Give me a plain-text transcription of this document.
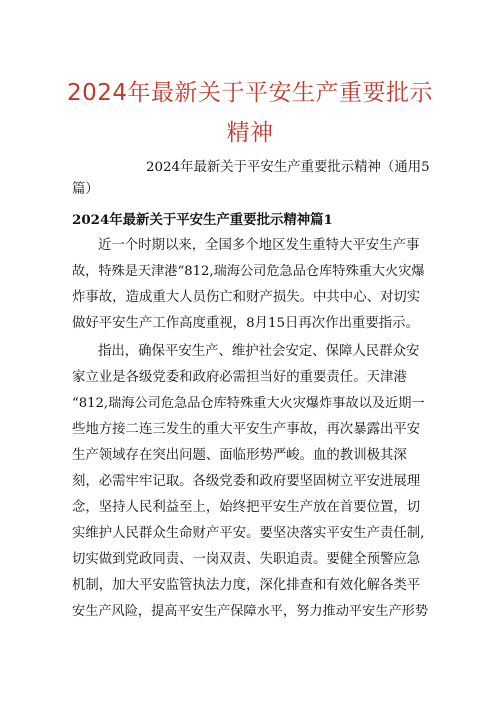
2024年最新关于平安生产重要批示
精神
2024年最新关于平安生产重要批示精神（通用5
篇）
2024年最新关于平安生产重要批示精神篇1
近一个时期以来，全国多个地区发生重特大平安生产事
故，特殊是天津港“812,瑞海公司危急品仓库特殊重大火灾爆
炸事故，造成重大人员伤亡和财产损失。中共中心、对切实
做好平安生产工作高度重视，8月15日再次作出重要指示。
指出，确保平安生产、维护社会安定、保障人民群众安
家立业是各级党委和政府必需担当好的重要责任。天津港
“812,瑞海公司危急品仓库特殊重大火灾爆炸事故以及近期一
些地方接二连三发生的重大平安生产事故，再次暴露出平安
生产领域存在突出问题、面临形势严峻。血的教训极其深
刻，必需牢牢记取。各级党委和政府要坚固树立平安进展理
念，坚持人民利益至上，始终把平安生产放在首要位置，切
实维护人民群众生命财产平安。要坚决落实平安生产责任制,
切实做到党政同责、一岗双责、失职追责。要健全预警应急
机制，加大平安监管执法力度，深化排查和有效化解各类平
安生产风险，提高平安生产保障水平，努力推动平安生产形势
